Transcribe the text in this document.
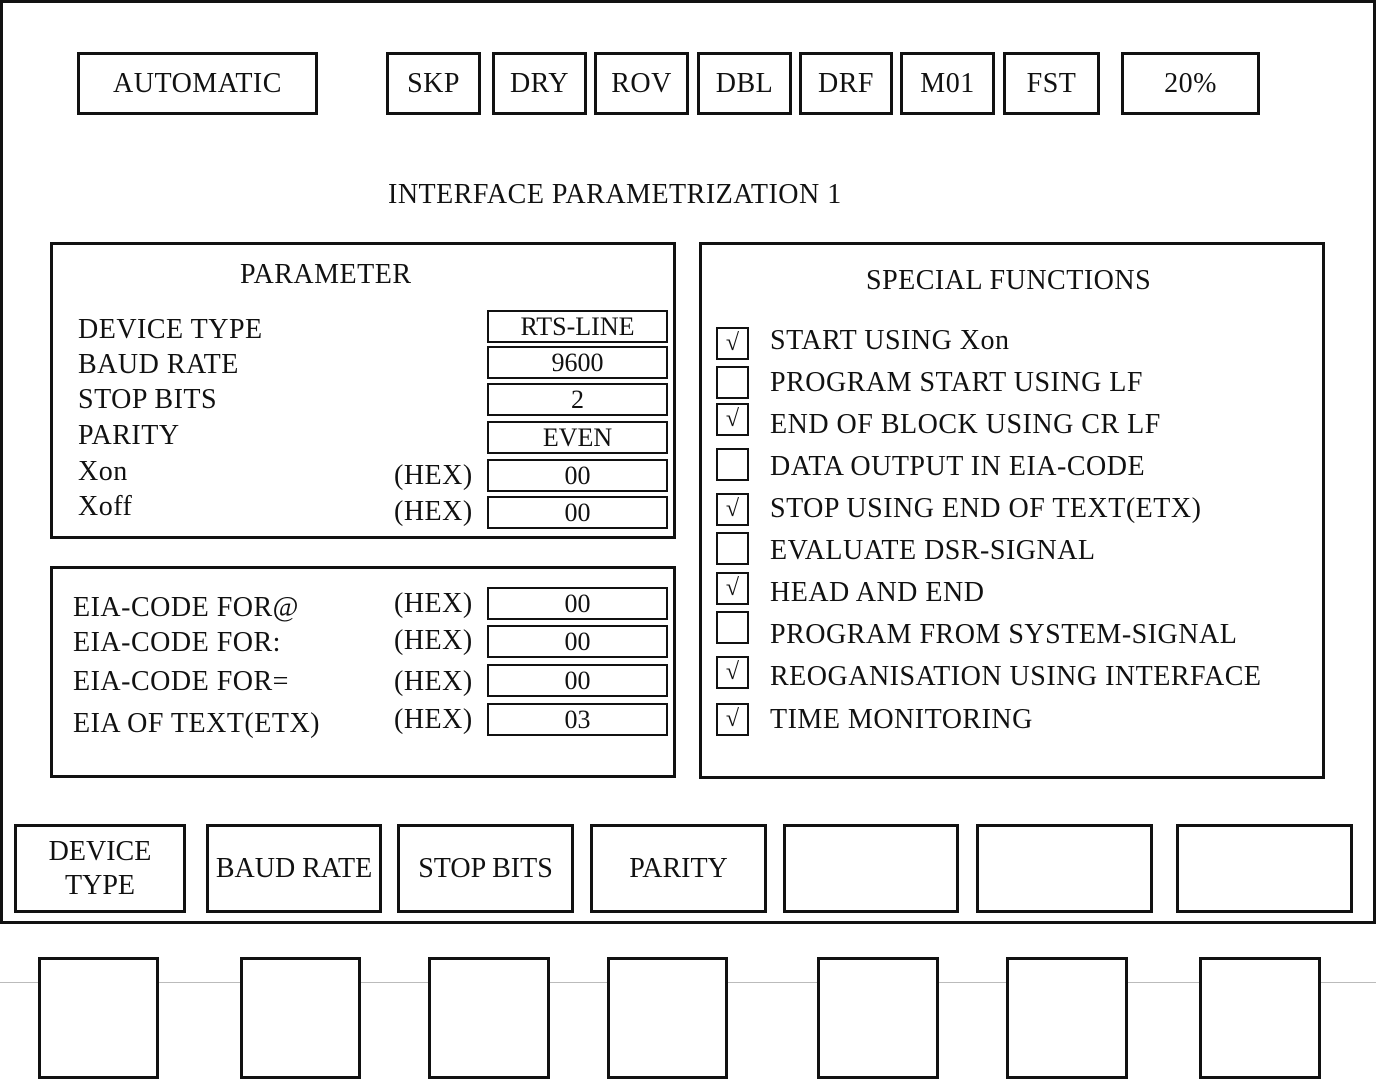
AUTOMATIC	SKP	DRY	ROV	DBL	DRF	M01	FST	20%
INTERFACE PARAMETRIZATION 1
PARAMETER
DEVICE TYPE	RTS-LINE
BAUD RATE	9600
STOP BITS	2
PARITY	EVEN
Xon	(HEX)	00
Xoff	(HEX)	00
EIA-CODE FOR@	(HEX)	00
EIA-CODE FOR:	(HEX)	00
EIA-CODE FOR=	(HEX)	00
EIA OF TEXT(ETX)	(HEX)	03
SPECIAL FUNCTIONS
√ START USING Xon
PROGRAM START USING LF
√ END OF BLOCK USING CR LF
DATA OUTPUT IN EIA-CODE
√ STOP USING END OF TEXT(ETX)
EVALUATE DSR-SIGNAL
√ HEAD AND END
PROGRAM FROM SYSTEM-SIGNAL
√ REOGANISATION USING INTERFACE
√ TIME MONITORING
DEVICE
TYPE
BAUD RATE	STOP BITS	PARITY
